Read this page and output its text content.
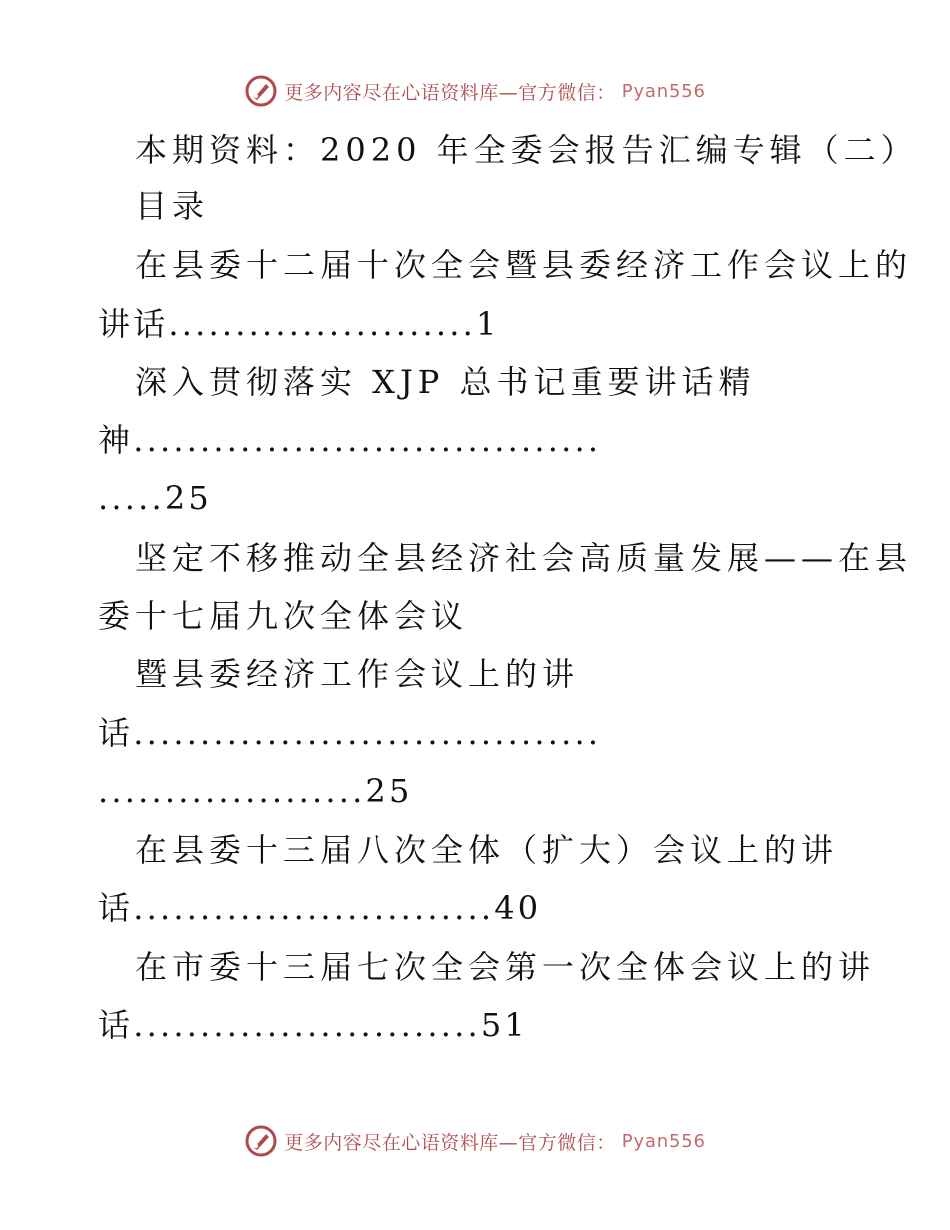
更多内容尽在心语资料库—官方微信： Pyan556
本期资料：2020 年全委会报告汇编专辑（二）
目录
在县委十二届十次全会暨县委经济工作会议上的
讲话.......................1
深入贯彻落实 XJP 总书记重要讲话精
神...................................
.....25
坚定不移推动全县经济社会高质量发展——在县
委十七届九次全体会议
暨县委经济工作会议上的讲
话...................................
....................25
在县委十三届八次全体（扩大）会议上的讲
话...........................40
在市委十三届七次全会第一次全体会议上的讲
话..........................51
更多内容尽在心语资料库—官方微信： Pyan556
